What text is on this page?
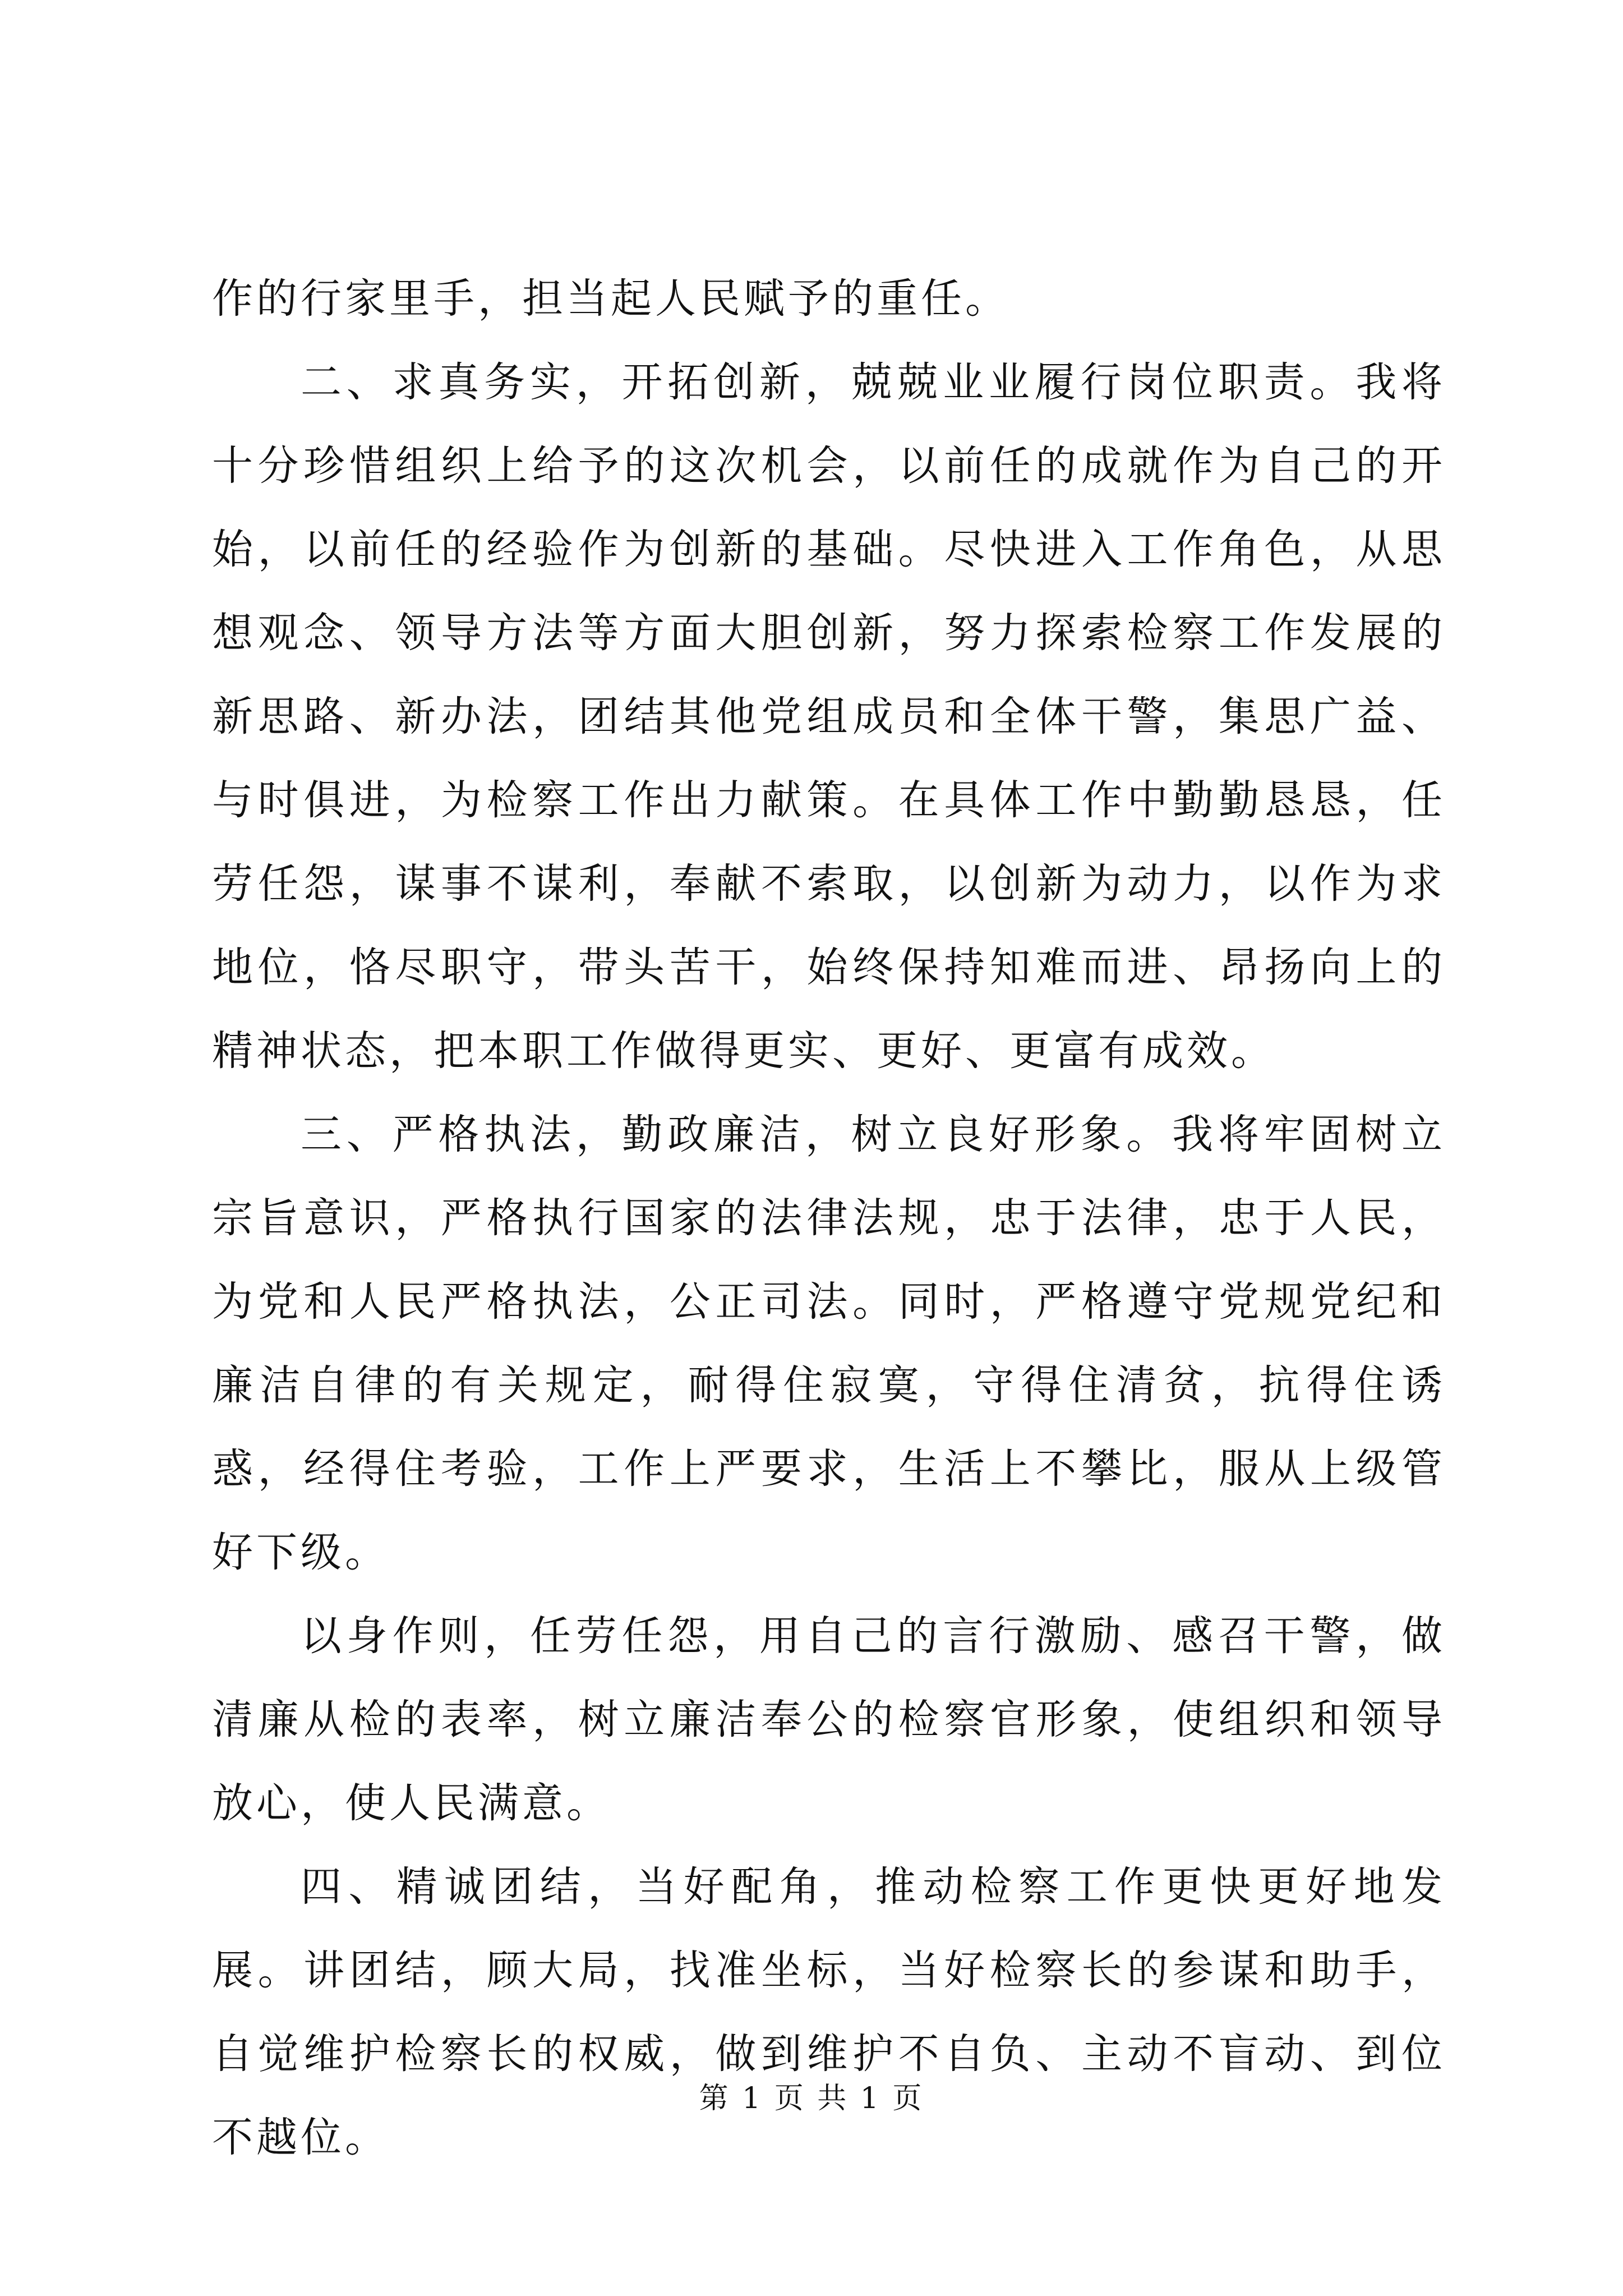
作的行家里手，担当起人民赋予的重任。

二、求真务实，开拓创新，兢兢业业履行岗位职责。我将十分珍惜组织上给予的这次机会，以前任的成就作为自己的开始，以前任的经验作为创新的基础。尽快进入工作角色，从思想观念、领导方法等方面大胆创新，努力探索检察工作发展的新思路、新办法，团结其他党组成员和全体干警，集思广益、与时俱进，为检察工作出力献策。在具体工作中勤勤恳恳，任劳任怨，谋事不谋利，奉献不索取，以创新为动力，以作为求地位，恪尽职守，带头苦干，始终保持知难而进、昂扬向上的精神状态，把本职工作做得更实、更好、更富有成效。

三、严格执法，勤政廉洁，树立良好形象。我将牢固树立宗旨意识，严格执行国家的法律法规，忠于法律，忠于人民，为党和人民严格执法，公正司法。同时，严格遵守党规党纪和廉洁自律的有关规定，耐得住寂寞，守得住清贫，抗得住诱惑，经得住考验，工作上严要求，生活上不攀比，服从上级管好下级。

以身作则，任劳任怨，用自己的言行激励、感召干警，做清廉从检的表率，树立廉洁奉公的检察官形象，使组织和领导放心，使人民满意。

四、精诚团结，当好配角，推动检察工作更快更好地发展。讲团结，顾大局，找准坐标，当好检察长的参谋和助手，自觉维护检察长的权威，做到维护不自负、主动不盲动、到位不越位。

第 1 页 共 1 页
